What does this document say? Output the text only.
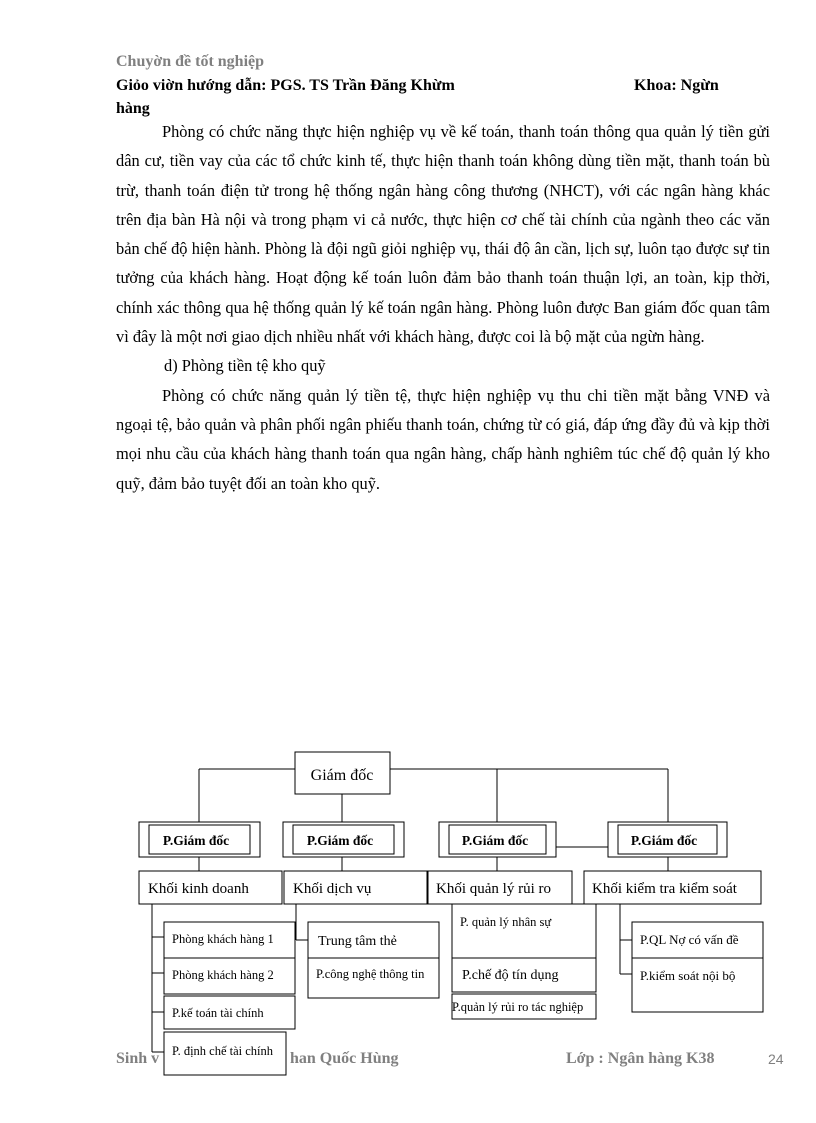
Chuyờn đề tốt nghiệp
Giỏo viờn hướng dẫn: PGS. TS Trần Đăng Khừm	Khoa: Ngừn
hàng

Phòng có chức năng thực hiện nghiệp vụ về kế toán, thanh toán thông qua quản lý tiền gửi dân cư, tiền vay của các tổ chức kinh tế, thực hiện thanh toán không dùng tiền mặt, thanh toán bù trừ, thanh toán điện tử trong hệ thống ngân hàng công thương (NHCT), với các ngân hàng khác trên địa bàn Hà nội và trong phạm vi cả nước, thực hiện cơ chế tài chính của ngành theo các văn bản chế độ hiện hành. Phòng là đội ngũ giỏi nghiệp vụ, thái độ ân cần, lịch sự, luôn tạo được sự tin tưởng của khách hàng. Hoạt động kế toán luôn đảm bảo thanh toán thuận lợi, an toàn, kịp thời, chính xác thông qua hệ thống quản lý kế toán ngân hàng. Phòng luôn được Ban giám đốc quan tâm vì đây là một nơi giao dịch nhiều nhất với khách hàng, được coi là bộ mặt của ngừn hàng.

d) Phòng tiền tệ kho quỹ

Phòng có chức năng quản lý tiền tệ, thực hiện nghiệp vụ thu chi tiền mặt bằng VNĐ và ngoại tệ, bảo quản và phân phối ngân phiếu thanh toán, chứng từ có giá, đáp ứng đầy đủ và kịp thời mọi nhu cầu của khách hàng thanh toán qua ngân hàng, chấp hành nghiêm túc chế độ quản lý kho quỹ, đảm bảo tuyệt đối an toàn kho quỹ.

Giám đốc
P.Giám đốc	P.Giám đốc	P.Giám đốc	P.Giám đốc
Khối kinh doanh	Khối dịch vụ	Khối quản lý rủi ro	Khối kiểm tra kiểm soát
Phòng khách hàng 1
Phòng khách hàng 2
P.kế toán tài chính
P. định chế tài chính
Trung tâm thẻ
P.công nghệ thông tin
P. quản lý nhân sự
P.chế độ tín dụng
P.quản lý rủi ro tác nghiệp
P.QL Nợ có vấn đề
P.kiểm soát nội bộ
Sinh v	han Quốc Hùng	Lớp : Ngân hàng K38	24
